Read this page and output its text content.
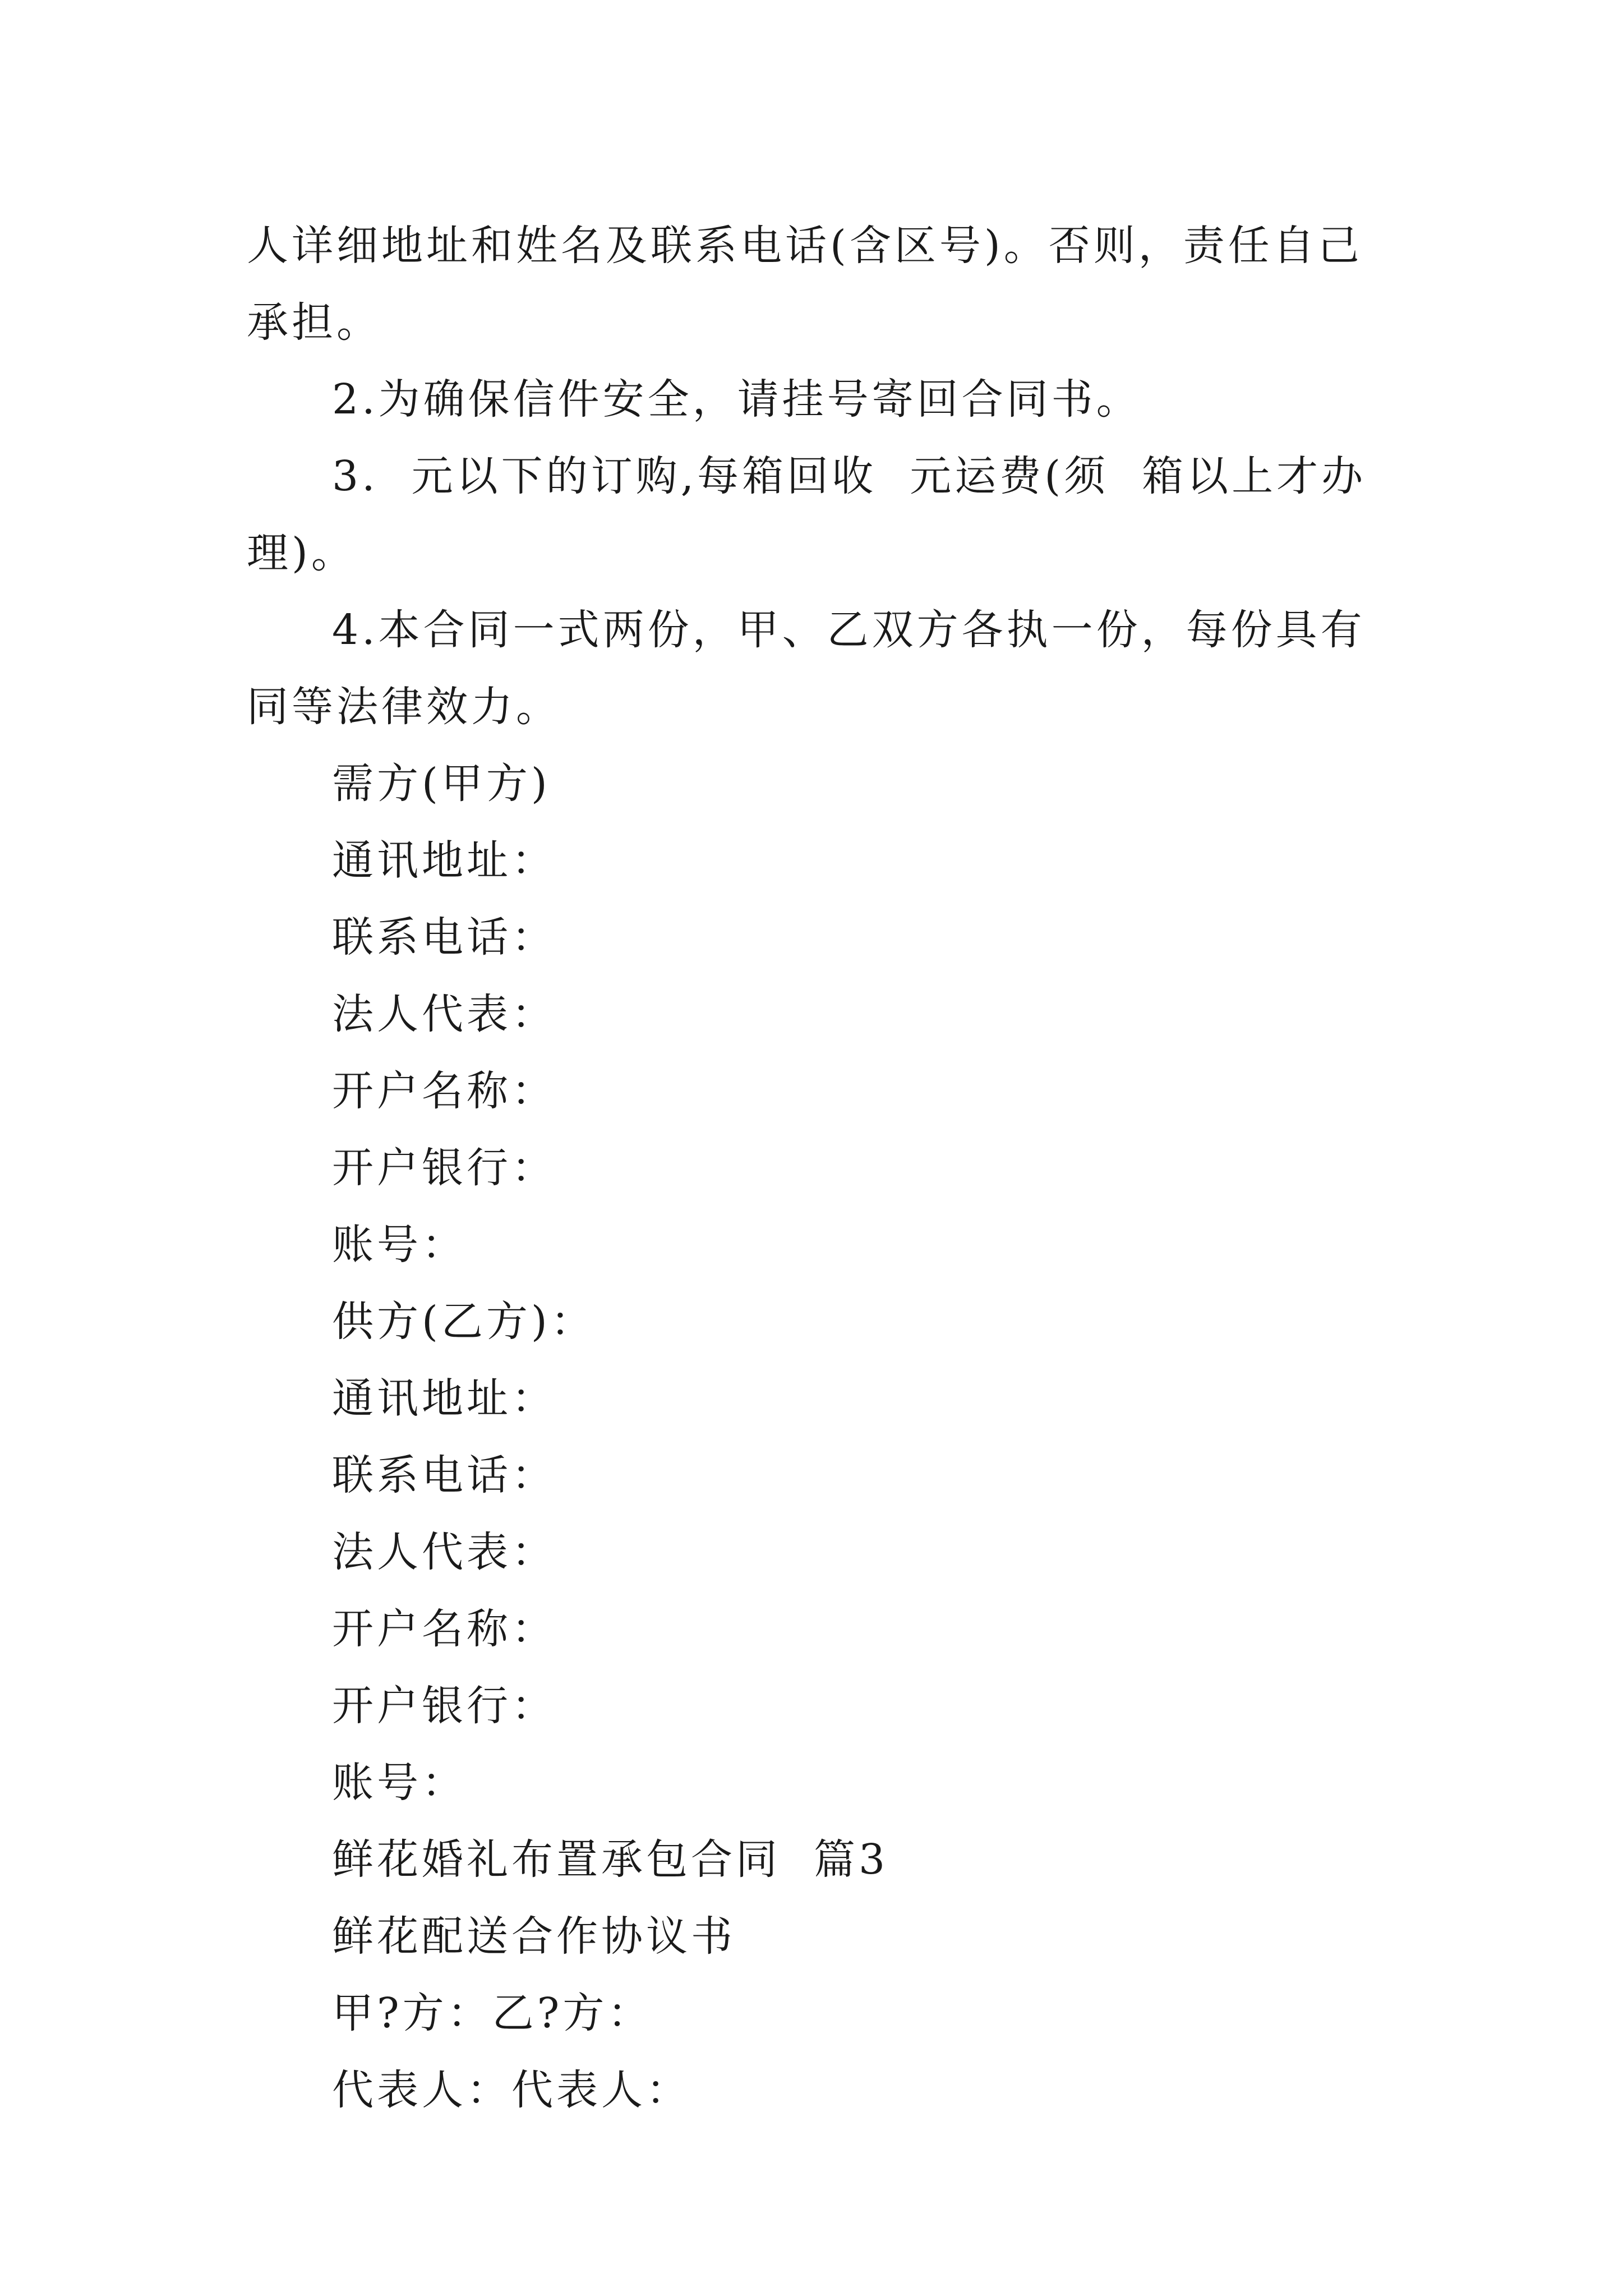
人详细地址和姓名及联系电话(含区号)。否则，责任自己承担。

2.为确保信件安全，请挂号寄回合同书。

3.  元以下的订购,每箱回收  元运费(须  箱以上才办理)。

4.本合同一式两份，甲、乙双方各执一份，每份具有同等法律效力。

需方(甲方)

通讯地址：

联系电话：

法人代表：

开户名称：

开户银行：

账号：

供方(乙方)：

通讯地址：

联系电话：

法人代表：

开户名称：

开户银行：

账号：

鲜花婚礼布置承包合同  篇3

鲜花配送合作协议书

甲?方：乙?方：

代表人：代表人：
